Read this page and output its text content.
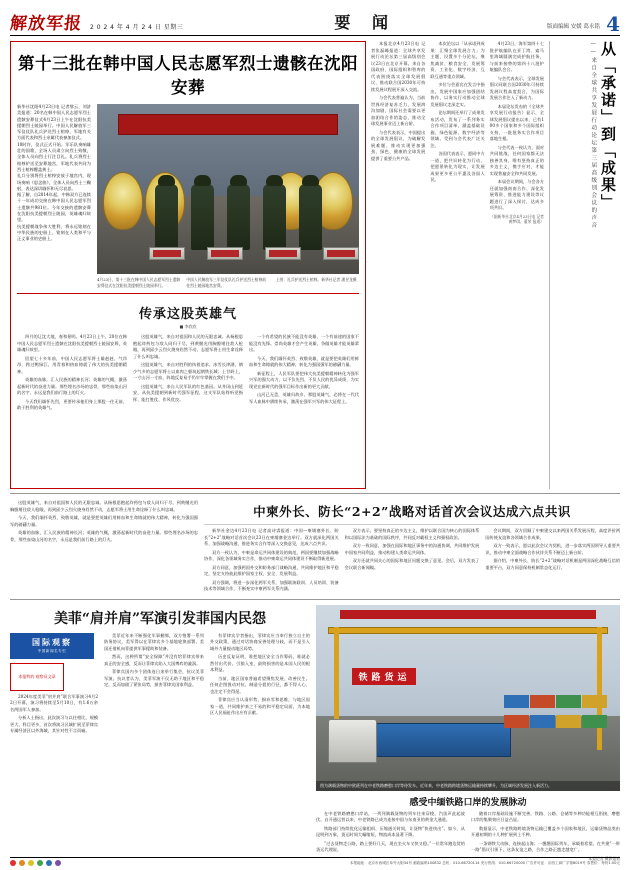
解放军报 2 0 2 4 年 4 月 2 4 日 星期三	要 闻	版面编辑 安媛 葛永铭 4
第十三批在韩中国人民志愿军烈士遗骸在沈阳安葬
新华社沈阳4月23日电 记者黎云、刘济美报道：20名在韩中国人民志愿军烈士遗骸安葬仪式4月23日上午在沈阳抗美援朝烈士陵园举行。中国人民解放军三军仪仗队礼兵护送烈士棺椁，军地有关方面代表和烈士亲属代表参加仪式。
10时许，仪式正式开始。军乐队奏响雄壮的国歌，全场人员肃立向烈士致敬，全体人员向烈士行注目礼。礼兵将烈士棺椁护送至安葬地宫，军地代表共同为烈士棺椁覆盖黄土。
礼兵分别将烈士棺椁安放于地宫内，现场奏响《思念曲》，全体人员向烈士三鞠躬，表达深切缅怀和无尽哀思。
据了解，自2014年起，中韩双方已连续十一年成功交接在韩中国人民志愿军烈士遗骸共981位。今年交接的遗骸安葬在沈阳抗美援朝烈士陵园，英雄魂归故里。
抗美援朝战争伟大胜利，将永远铭刻在中华民族的史册上、铭刻在人类和平与正义事业的史册上。
4月23日，第十三批在韩中国人民志愿军烈士遗骸安葬仪式在沈阳抗美援朝烈士陵园举行。
中国人民解放军三军仪仗队礼兵护送烈士棺椁前往烈士陵园地宫安葬。
上图：礼兵护送烈士棺椁。新华社记者 潘昱龙摄
传承这股英雄气
■ 李欣欣

四月的辽沈大地，春和景明。4月23日上午，20位在韩中国人民志愿军烈士遗骸在沈阳抗美援朝烈士陵园安葬，英雄魂归故里。

回望七十多年前，中国人民志愿军将士雄赳赳、气昂昂，跨过鸭绿江，用青春和热血铸就了伟大的抗美援朝精神。

英雄的血脉，汇入民族的精神长河；英雄的气概，激荡起新时代的奋进力量。那些埋名沙场的忠骨，那些血染山河的名字，永远是我们前行路上的灯火。

今天我们缅怀先烈，更要传承他们身上那股一往无前、敢于胜利的英雄气。

这股英雄气，来自对祖国和人民的无限忠诚。从杨根思抱起炸药包与敌人同归于尽，到黄继光用胸膛堵住敌人枪眼，再到邱少云烈火烧身岿然不动，志愿军将士用生命诠释了什么叫忠诚。

这股英雄气，来自对胜利的执着追求。冰雪长津湖，钢少气多的志愿军将士以血肉之躯筑起钢铁长城；上甘岭上，一寸山河一寸血，阵地反复易手仍牢牢掌握在我们手中。

这股英雄气，来自人民军队的红色基因。从井冈山到延安，从抗美援朝到新时代强军征程，这支军队始终听党指挥、能打胜仗、作风优良。

一个有希望的民族不能没有英雄，一个有前途的国家不能没有先锋。崇尚英雄才会产生英雄，争做英雄才能英雄辈出。

今天，我们缅怀英烈、致敬英雄，就是要把英雄们用鲜血和生命铸就的伟大精神，转化为强国强军的磅礴力量。

新征程上，人民军队要把伟大抗美援朝精神转化为强军兴军的强大动力，以不负先烈、不负人民的优异成绩，为实现党在新时代的强军目标作出新的更大贡献。

山河已无恙，英雄归故乡。那股英雄气，必将在一代代军人血脉中赓续传承，激荡在强军兴军的伟大征程上。

本报北京4月23日电 记者张磊峰报道：全球共享发展行动论坛第三届高级别会议23日在北京开幕。来自各国政府、国际组织和智库的代表围绕落实全球发展倡议、推动联合国2030年可持续发展议程展开深入交流。

与会代表普遍认为，当前世界经济复苏乏力，发展鸿沟加剧，国际社会需要以更加团结合作的姿态，推动全球发展事业迈上新台阶。

与会代表表示，中国提出的全球发展倡议，为破解发展难题、推动实现更加强劲、绿色、健康的全球发展提供了重要公共产品。

本次论坛以「从承诺到成果：汇聚全球发展合力」为主题，设置多个分论坛，聚焦减贫、粮食安全、发展筹资、工业化、数字经济、互联互通等重点领域。

多位与会嘉宾在发言中指出，发展中国家应加强团结协作，以务实行动推动全球发展倡议走深走实。

论坛期间还举行了成果发布活动，发布了一系列务实合作项目清单，涵盖基础设施、绿色能源、数字经济等领域，受到与会代表广泛关注。

各国代表表示，愿同中方一道，把共识转化为行动，把愿景转化为现实，让发展成果更多更公平惠及各国人民。

4月23日，海军第四十七批护航编队在亚丁湾、索马里海域圆满完成护航任务，与前来接替的第四十八批护航编队会合。

与会代表表示，全球发展倡议同联合国2030年可持续发展议程高度契合，为国际发展合作注入了新动力。

本届论坛发布的《全球共享发展行动报告》显示，全球发展倡议提出以来，已有100多个国家和多个国际组织支持，一批批务实合作项目落地生根。

与会代表一致认为，面对共同挑战，任何国家都无法独善其身，唯有坚持真正的多边主义，携手应对，才能实现普遍安全和共同发展。

本届会议期间，与会各方还就加强南南合作、深化发展筹资、推进能力建设等议题进行了深入探讨，达成多项共识。

（据新华社北京4月23日电 记者黄梦琪、董荣 报道）
从「承诺」到「成果」
——来自全球共享发展行动论坛第三届高级别会议的声音

这股英雄气，来自对祖国和人民的无限忠诚。从杨根思抱起炸药包与敌人同归于尽，到黄继光用胸膛堵住敌人枪眼，再到邱少云烈火烧身岿然不动，志愿军将士用生命诠释了什么叫忠诚。

今天，我们缅怀英烈、致敬英雄，就是要把英雄们用鲜血和生命铸就的伟大精神，转化为强国强军的磅礴力量。

英雄的血脉，汇入民族的精神长河；英雄的气概，激荡起新时代的奋进力量。那些埋名沙场的忠骨，那些血染山河的名字，永远是我们前行路上的灯火。

中柬外长、防长“2+2”战略对话首次会议达成六点共识

新华社金边4月23日电 记者高诗睿报道：中国—柬埔寨外长、防长“2+2”战略对话首次会议23日在柬埔寨金边举行。双方就深化两国关系、加强战略沟通、推进务实合作等深入交换意见，达成六点共识。

双方一致认为，中柬是命运共同体建设的典范，两国要继续加强战略协作，深化各领域务实合作，推动中柬命运共同体建设不断取得新进展。

双方同意，加强两国外交和防务部门战略沟通，共同维护地区和平稳定，坚定支持彼此维护国家主权、安全、发展利益。

双方强调，将进一步深化两军关系，加强联演联训、人员培训、装备技术等领域合作，不断充实中柬两军关系内涵。

双方表示，要坚持真正的多边主义，维护以联合国为核心的国际体系和以国际法为基础的国际秩序，共同反对霸权主义和强权政治。

双方一致同意，加强在国际和地区事务中的沟通协调，共同维护发展中国家共同利益，推动构建人类命运共同体。

双方还就共同关心的国际和地区问题交换了意见。会后，双方发表了会议联合新闻稿。

会议期间，双方回顾了中柬建交以来两国关系发展历程，高度评价两国传统友谊和各领域合作成果。

双方一致表示，愿以此次会议为契机，进一步落实两国领导人重要共识，推动中柬全面战略合作伙伴关系不断迈上新台阶。

据介绍，中柬外长、防长“2+2”战略对话机制是两国深化战略互信的重要平台，双方同意保持机制常态化运行。

美菲“肩并肩”军演引发菲国内民怨
国际观察
中国新闻名专栏
本报特约 观察员文章

2024年度美菲“肩并肩”联合军事演习4月22日开幕，演习将持续至5月10日，有1.6万余名两国军人参加。

分析人士指出，此次演习与以往相比，规模更大、科目更多，首次将演习区域扩展至菲律宾专属经济区以外海域，其针对性不言而喻。

美菲近年来不断强化军事捆绑，双方签署一系列防务协议，美军得以在菲律宾多个基地轮换部署，美国还借机向菲提供军事援助和装备。

然而，这种所谓“安全保障”并没有给菲律宾带来真正的安全感，反而让菲律宾陷入大国博弈的漩涡。

菲律宾国内多个团体连日来举行集会，抗议美菲军演。抗议者认为，美菲军演不仅无助于地区和平稳定，反而加剧了紧张局势，损害菲律宾国家利益。

有菲律宾学者指出，菲律宾应当奉行独立自主的外交政策，通过对话协商妥善处理分歧，而不是引入域外力量搅动地区局势。

历史反复证明，谁把地区安全当作筹码，谁就必然付出代价。引狼入室，最终损害的是本国人民的根本利益。

当前，地区国家普遍希望聚焦发展、改善民生。任何企图挑动对抗、制造分裂的行径，都不得人心，也注定不会得逞。

菲律宾应当认清形势，摒弃零和思维，与地区国家一道，共同维护来之不易的和平稳定局面，为本地区人民福祉作出应有贡献。

铁路货运
图为满载货物的中欧班列在中老铁路磨憨口岸等待发车。近年来，中老铁路跨境货物运输量持续攀升，为区域经济发展注入新活力。
感受中缅铁路口岸的发展脉动

在中老铁路磨憨口岸站，一列列满载货物的列车往来穿梭，汽笛声此起彼伏。自开通运营以来，中老铁路已成为连接中国与东南亚的黄金大通道。

铁路部门持续优化运输组织，压缩通关时间，让货物“快进快出”。如今，从昆明到万象，货运时间大幅缩短，物流成本显著下降。

“过去货物走公路，路上要好几天，现在坐火车又快又稳。”一位常年跑边贸的货运代理说。

随着口岸基础设施不断完善，铁路、公路、仓储等多种功能相互衔接，磨憨口岸的集聚效应日益凸显。

数据显示，中老铁路跨境货物运输已覆盖多个国家和地区，运输货物品类由开通初期的十几种扩展到上千种。

一条钢铁大动脉，连接起山海；一趟趟国际列车，承载着希望。在共建“一带一路”倡议引领下，这条友谊之路、合作之路正越走越宽广。

本报记者 摄影报道
本报地址：北京市西城区阜外大街34号 邮政编码100832 总机：010-66720114 发行热线：010-66720000 广告许可证：京西工商广字第8019号 零售价：每份1.00元
